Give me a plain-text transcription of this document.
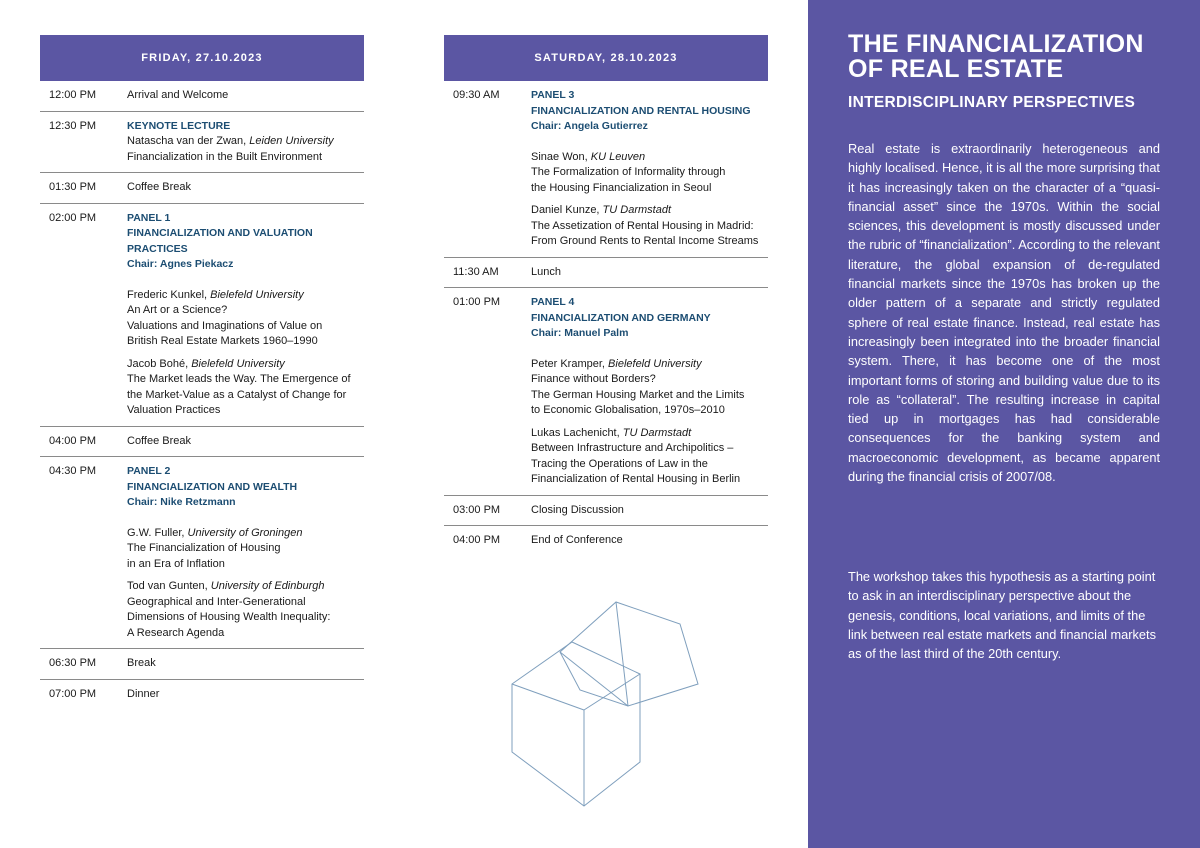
FRIDAY, 27.10.2023
12:00 PM	Arrival and Welcome
12:30 PM	KEYNOTE LECTURE
Natascha van der Zwan, Leiden University
Financialization in the Built Environment
01:30 PM	Coffee Break
02:00 PM	PANEL 1
FINANCIALIZATION AND VALUATION PRACTICES
Chair: Agnes Piekacz
Frederic Kunkel, Bielefeld University
An Art or a Science?
Valuations and Imaginations of Value on
British Real Estate Markets 1960–1990
Jacob Bohé, Bielefeld University
The Market leads the Way. The Emergence of
the Market-Value as a Catalyst of Change for
Valuation Practices
04:00 PM	Coffee Break
04:30 PM	PANEL 2
FINANCIALIZATION AND WEALTH
Chair: Nike Retzmann
G.W. Fuller, University of Groningen
The Financialization of Housing
in an Era of Inflation
Tod van Gunten, University of Edinburgh
Geographical and Inter-Generational
Dimensions of Housing Wealth Inequality:
A Research Agenda
06:30 PM	Break
07:00 PM	Dinner
SATURDAY, 28.10.2023
09:30 AM	PANEL 3
FINANCIALIZATION AND RENTAL HOUSING
Chair: Angela Gutierrez
Sinae Won, KU Leuven
The Formalization of Informality through
the Housing Financialization in Seoul
Daniel Kunze, TU Darmstadt
The Assetization of Rental Housing in Madrid:
From Ground Rents to Rental Income Streams
11:30 AM	Lunch
01:00 PM	PANEL 4
FINANCIALIZATION AND GERMANY
Chair: Manuel Palm
Peter Kramper, Bielefeld University
Finance without Borders?
The German Housing Market and the Limits
to Economic Globalisation, 1970s–2010
Lukas Lachenicht, TU Darmstadt
Between Infrastructure and Archipolitics –
Tracing the Operations of Law in the
Financialization of Rental Housing in Berlin
03:00 PM	Closing Discussion
04:00 PM	End of Conference
THE FINANCIALIZATION
OF REAL ESTATE
INTERDISCIPLINARY PERSPECTIVES
Real estate is extraordinarily heterogeneous and highly localised. Hence, it is all the more surprising that it has increasingly taken on the character of a “quasi-financial asset” since the 1970s. Within the social sciences, this development is mostly discussed under the rubric of “financialization”. According to the relevant literature, the global expansion of de-regulated financial markets since the 1970s has broken up the older pattern of a separate and strictly regulated sphere of real estate finance. Instead, real estate has increasingly been integrated into the broader financial system. There, it has become one of the most important forms of storing and building value due to its role as “collateral”. The resulting increase in capital tied up in mortgages has had considerable consequences for the banking system and macroeconomic development, as became apparent during the financial crisis of 2007/08.
The workshop takes this hypothesis as a starting point to ask in an interdisciplinary perspective about the genesis, conditions, local variations, and limits of the link between real estate markets and financial markets as of the last third of the 20th century.
